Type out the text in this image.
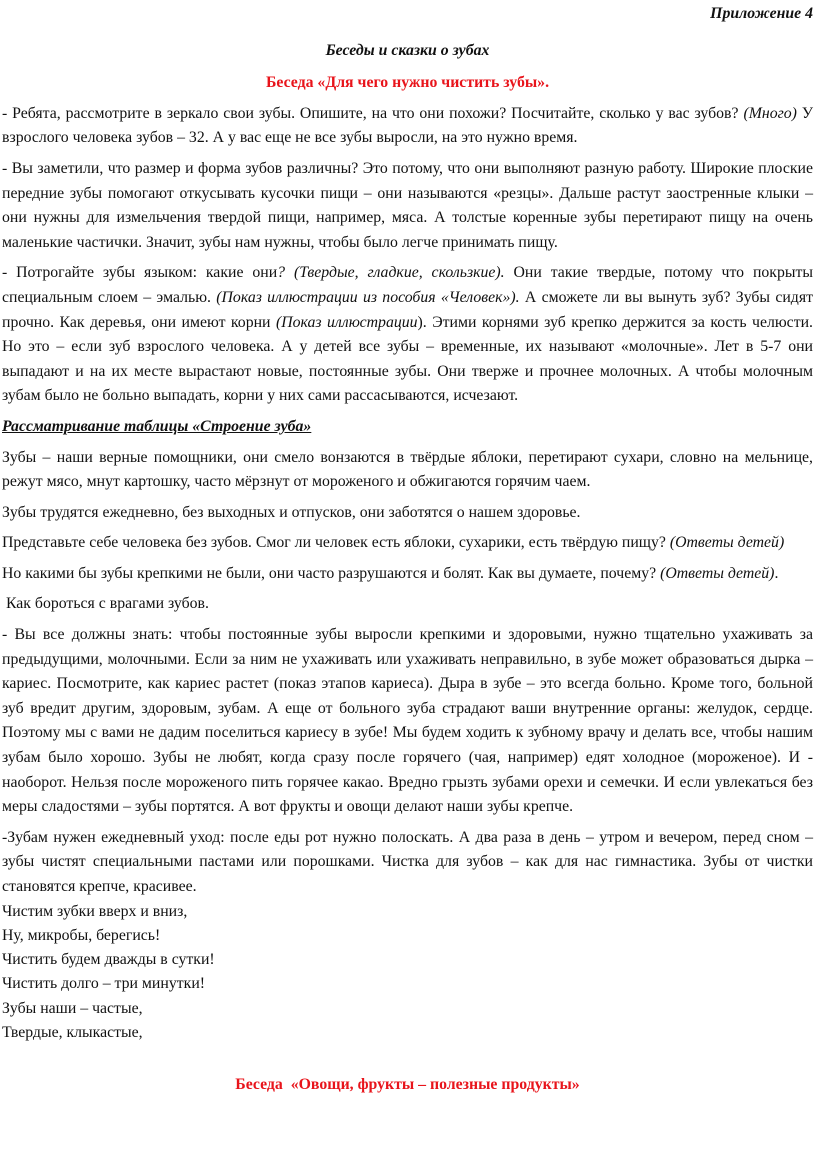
Приложение 4

Беседы и сказки о зубах

Беседа «Для чего нужно чистить зубы».

- Ребята, рассмотрите в зеркало свои зубы. Опишите, на что они похожи? Посчитайте, сколько у вас зубов? (Много) У взрослого человека зубов – 32. А у вас еще не все зубы выросли, на это нужно время.

- Вы заметили, что размер и форма зубов различны? Это потому, что они выполняют разную работу. Широкие плоские передние зубы помогают откусывать кусочки пищи – они называются «резцы». Дальше растут заостренные клыки – они нужны для измельчения твердой пищи, например, мяса. А толстые коренные зубы перетирают пищу на очень маленькие частички. Значит, зубы нам нужны, чтобы было легче принимать пищу.

- Потрогайте зубы языком: какие они? (Твердые, гладкие, скользкие). Они такие твердые, потому что покрыты специальным слоем – эмалью. (Показ иллюстрации из пособия «Человек»). А сможете ли вы вынуть зуб? Зубы сидят прочно. Как деревья, они имеют корни (Показ иллюстрации). Этими корнями зуб крепко держится за кость челюсти. Но это – если зуб взрослого человека. А у детей все зубы – временные, их называют «молочные». Лет в 5-7 они выпадают и на их месте вырастают новые, постоянные зубы. Они тверже и прочнее молочных. А чтобы молочным зубам было не больно выпадать, корни у них сами рассасываются, исчезают.

Рассматривание таблицы «Строение зуба»

Зубы – наши верные помощники, они смело вонзаются в твёрдые яблоки, перетирают сухари, словно на мельнице, режут мясо, мнут картошку, часто мёрзнут от мороженого и обжигаются горячим чаем.

Зубы трудятся ежедневно, без выходных и отпусков, они заботятся о нашем здоровье.

Представьте себе человека без зубов. Смог ли человек есть яблоки, сухарики, есть твёрдую пищу? (Ответы детей)

Но какими бы зубы крепкими не были, они часто разрушаются и болят. Как вы думаете, почему? (Ответы детей).

Как бороться с врагами зубов.

- Вы все должны знать: чтобы постоянные зубы выросли крепкими и здоровыми, нужно тщательно ухаживать за предыдущими, молочными. Если за ним не ухаживать или ухаживать неправильно, в зубе может образоваться дырка – кариес. Посмотрите, как кариес растет (показ этапов кариеса). Дыра в зубе – это всегда больно. Кроме того, больной зуб вредит другим, здоровым, зубам. А еще от больного зуба страдают ваши внутренние органы: желудок, сердце. Поэтому мы с вами не дадим поселиться кариесу в зубе! Мы будем ходить к зубному врачу и делать все, чтобы нашим зубам было хорошо. Зубы не любят, когда сразу после горячего (чая, например) едят холодное (мороженое). И - наоборот. Нельзя после мороженого пить горячее какао. Вредно грызть зубами орехи и семечки. И если увлекаться без меры сладостями – зубы портятся. А вот фрукты и овощи делают наши зубы крепче.

-Зубам нужен ежедневный уход: после еды рот нужно полоскать. А два раза в день – утром и вечером, перед сном – зубы чистят специальными пастами или порошками. Чистка для зубов – как для нас гимнастика. Зубы от чистки становятся крепче, красивее.

Чистим зубки вверх и вниз,

Ну, микробы, берегись!

Чистить будем дважды в сутки!

Чистить долго – три минутки!

Зубы наши – частые,

Твердые, клыкастые,

Беседа  «Овощи, фрукты – полезные продукты»
